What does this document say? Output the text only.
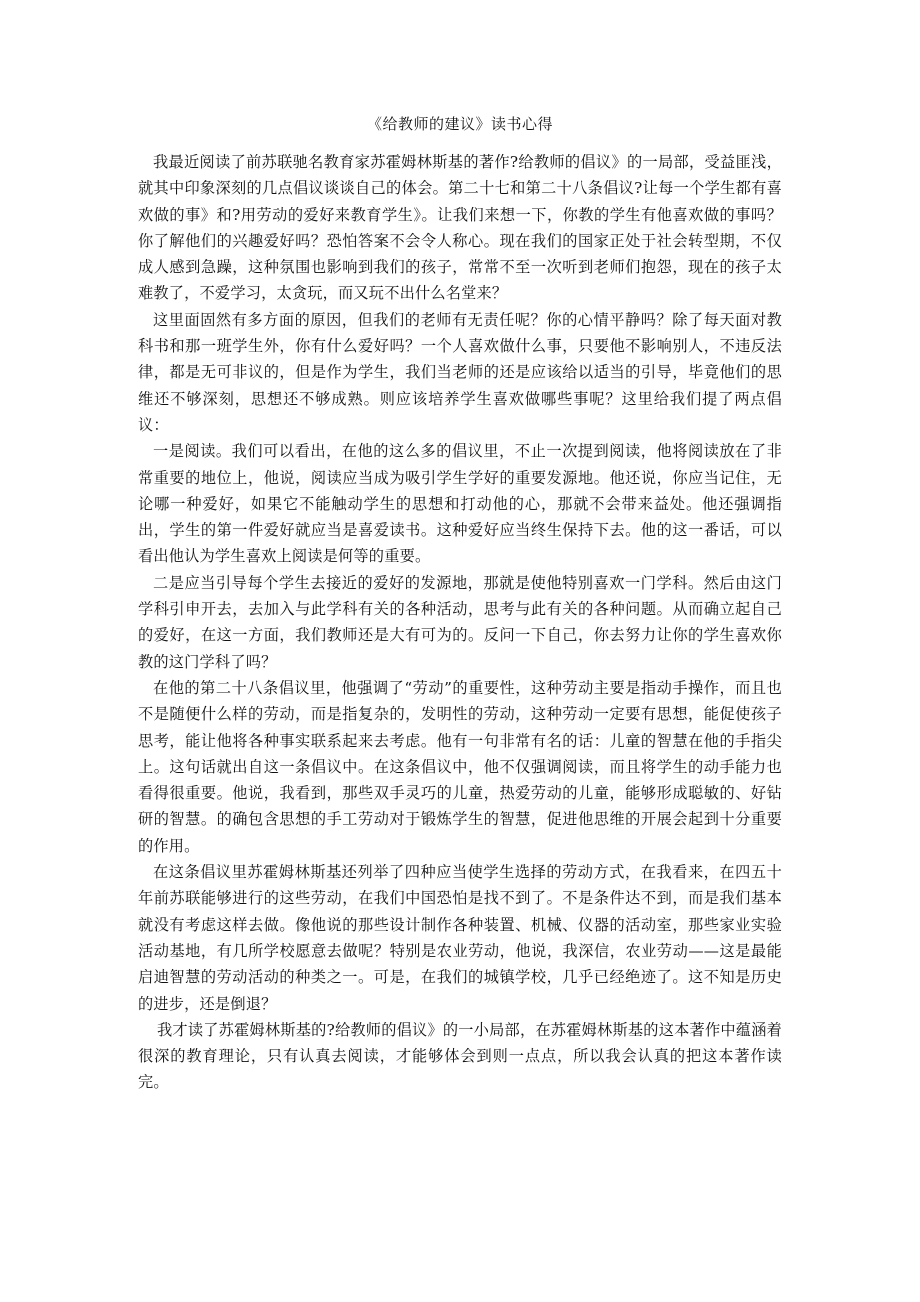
《给教师的建议》读书心得

我最近阅读了前苏联驰名教育家苏霍姆林斯基的著作?给教师的倡议》的一局部，受益匪浅，就其中印象深刻的几点倡议谈谈自己的体会。第二十七和第二十八条倡议?让每一个学生都有喜欢做的事》和?用劳动的爱好来教育学生》。让我们来想一下，你教的学生有他喜欢做的事吗？你了解他们的兴趣爱好吗？恐怕答案不会令人称心。现在我们的国家正处于社会转型期，不仅成人感到急躁，这种氛围也影响到我们的孩子，常常不至一次听到老师们抱怨，现在的孩子太难教了，不爱学习，太贪玩，而又玩不出什么名堂来？

这里面固然有多方面的原因，但我们的老师有无责任呢？你的心情平静吗？除了每天面对教科书和那一班学生外，你有什么爱好吗？一个人喜欢做什么事，只要他不影响别人，不违反法律，都是无可非议的，但是作为学生，我们当老师的还是应该给以适当的引导，毕竟他们的思维还不够深刻，思想还不够成熟。则应该培养学生喜欢做哪些事呢？这里给我们提了两点倡议：

一是阅读。我们可以看出，在他的这么多的倡议里，不止一次提到阅读，他将阅读放在了非常重要的地位上，他说，阅读应当成为吸引学生学好的重要发源地。他还说，你应当记住，无论哪一种爱好，如果它不能触动学生的思想和打动他的心，那就不会带来益处。他还强调指出，学生的第一件爱好就应当是喜爱读书。这种爱好应当终生保持下去。他的这一番话，可以看出他认为学生喜欢上阅读是何等的重要。

二是应当引导每个学生去接近的爱好的发源地，那就是使他特别喜欢一门学科。然后由这门学科引申开去，去加入与此学科有关的各种活动，思考与此有关的各种问题。从而确立起自己的爱好，在这一方面，我们教师还是大有可为的。反问一下自己，你去努力让你的学生喜欢你教的这门学科了吗？

在他的第二十八条倡议里，他强调了“劳动”的重要性，这种劳动主要是指动手操作，而且也不是随便什么样的劳动，而是指复杂的，发明性的劳动，这种劳动一定要有思想，能促使孩子思考，能让他将各种事实联系起来去考虑。他有一句非常有名的话：儿童的智慧在他的手指尖上。这句话就出自这一条倡议中。在这条倡议中，他不仅强调阅读，而且将学生的动手能力也看得很重要。他说，我看到，那些双手灵巧的儿童，热爱劳动的儿童，能够形成聪敏的、好钻研的智慧。的确包含思想的手工劳动对于锻炼学生的智慧，促进他思维的开展会起到十分重要的作用。

在这条倡议里苏霍姆林斯基还列举了四种应当使学生选择的劳动方式，在我看来，在四五十年前苏联能够进行的这些劳动，在我们中国恐怕是找不到了。不是条件达不到，而是我们基本就没有考虑这样去做。像他说的那些设计制作各种装置、机械、仪器的活动室，那些家业实验活动基地，有几所学校愿意去做呢？特别是农业劳动，他说，我深信，农业劳动——这是最能启迪智慧的劳动活动的种类之一。可是，在我们的城镇学校，几乎已经绝迹了。这不知是历史的进步，还是倒退？

我才读了苏霍姆林斯基的?给教师的倡议》的一小局部，在苏霍姆林斯基的这本著作中蕴涵着很深的教育理论，只有认真去阅读，才能够体会到则一点点，所以我会认真的把这本著作读完。
